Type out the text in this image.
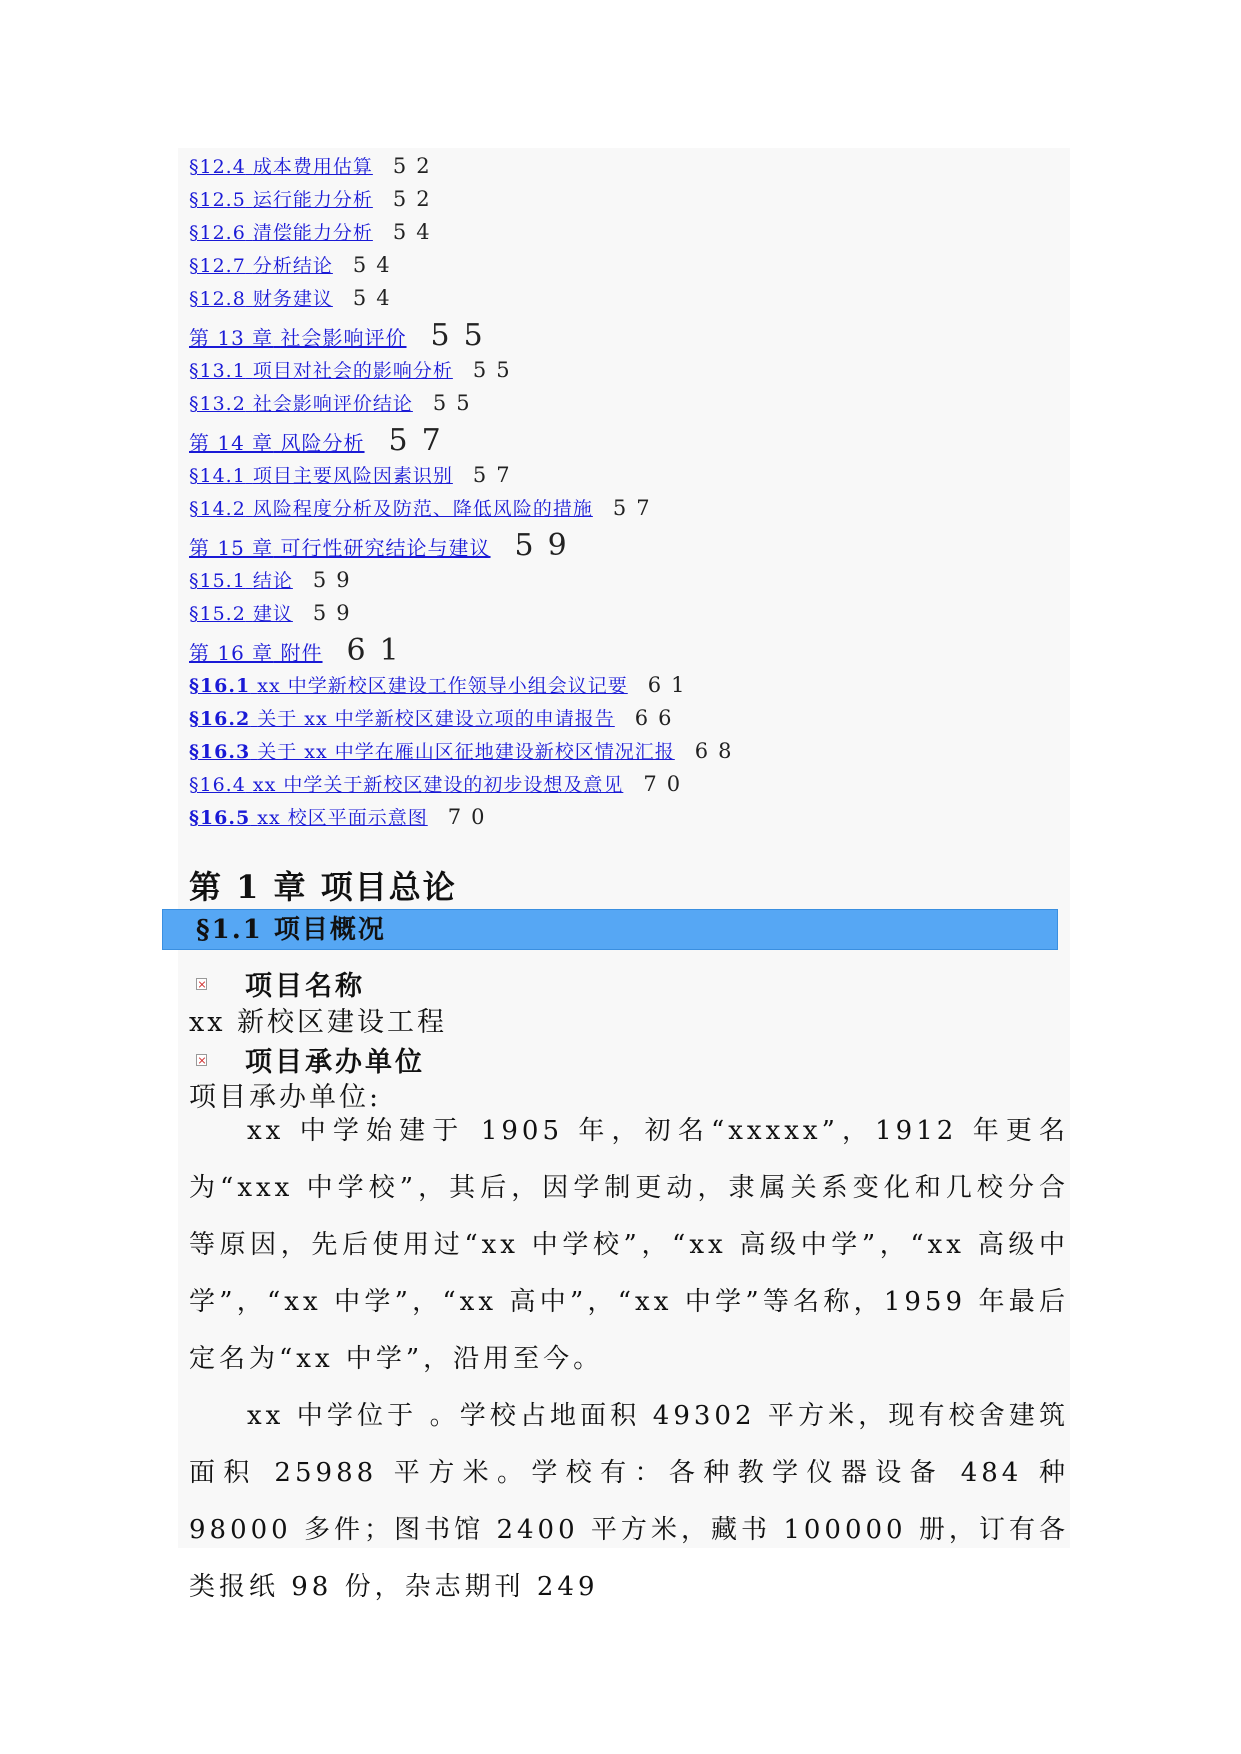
§12.4 成本费用估算 52
§12.5 运行能力分析 52
§12.6 清偿能力分析 54
§12.7 分析结论 54
§12.8 财务建议 54
第 13 章 社会影响评价 55
§13.1 项目对社会的影响分析 55
§13.2 社会影响评价结论 55
第 14 章 风险分析 57
§14.1 项目主要风险因素识别 57
§14.2 风险程度分析及防范、降低风险的措施 57
第 15 章 可行性研究结论与建议 59
§15.1 结论 59
§15.2 建议 59
第 16 章 附件 61
§16.1 xx 中学新校区建设工作领导小组会议记要 61
§16.2 关于 xx 中学新校区建设立项的申请报告 66
§16.3 关于 xx 中学在雁山区征地建设新校区情况汇报 68
§16.4 xx 中学关于新校区建设的初步设想及意见 70
§16.5 xx 校区平面示意图 70
第 1 章 项目总论
§1.1 项目概况
项目名称

xx 新校区建设工程

项目承办单位

项目承办单位:

xx 中学始建于 1905 年，初名“xxxxx”，1912 年更名为“xxx 中学校”，其后，因学制更动，隶属关系变化和几校分合等原因，先后使用过“xx 中学校”，“xx 高级中学”，“xx 高级中学”，“xx 中学”，“xx 高中”，“xx 中学”等名称，1959 年最后定名为“xx 中学”，沿用至今。

xx 中学位于 。学校占地面积 49302 平方米，现有校舍建筑面积 25988 平方米。学校有：各种教学仪器设备 484 种 98000 多件；图书馆 2400 平方米，藏书 100000 册，订有各类报纸 98 份，杂志期刊 249
